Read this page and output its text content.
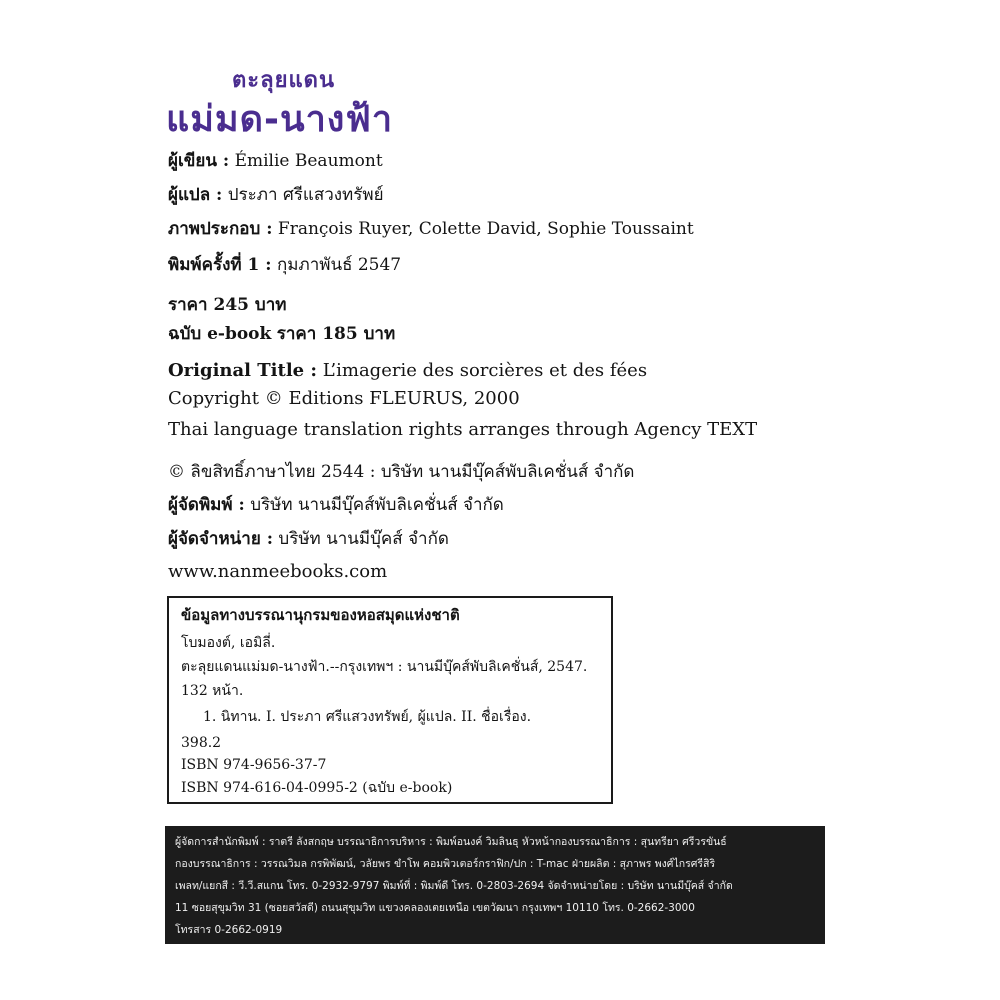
ตะลุยแดน
แม่มด-นางฟ้า
ผู้เขียน : Émilie Beaumont
ผู้แปล : ประภา ศรีแสวงทรัพย์
ภาพประกอบ : François Ruyer, Colette David, Sophie Toussaint
พิมพ์ครั้งที่ 1 : กุมภาพันธ์ 2547
ราคา 245 บาท
ฉบับ e-book ราคา 185 บาท
Original Title : L’imagerie des sorcières et des fées
Copyright © Editions FLEURUS, 2000
Thai language translation rights arranges through Agency TEXT
© ลิขสิทธิ์ภาษาไทย 2544 : บริษัท นานมีบุ๊คส์พับลิเคชั่นส์ จำกัด
ผู้จัดพิมพ์ : บริษัท นานมีบุ๊คส์พับลิเคชั่นส์ จำกัด
ผู้จัดจำหน่าย : บริษัท นานมีบุ๊คส์ จำกัด
www.nanmeebooks.com
ข้อมูลทางบรรณานุกรมของหอสมุดแห่งชาติ
โบมองต์, เอมิลี่.
ตะลุยแดนแม่มด-นางฟ้า.--กรุงเทพฯ : นานมีบุ๊คส์พับลิเคชั่นส์, 2547.
132 หน้า.
1. นิทาน. I. ประภา ศรีแสวงทรัพย์, ผู้แปล. II. ชื่อเรื่อง.
398.2
ISBN 974-9656-37-7
ISBN 974-616-04-0995-2 (ฉบับ e-book)
ผู้จัดการสำนักพิมพ์ : ราตรี ลังสกฤษ บรรณาธิการบริหาร : พิมพ์อนงค์ วิมลินธุ หัวหน้ากองบรรณาธิการ : สุนทรียา ศรีวรขันธ์
กองบรรณาธิการ : วรรณวิมล กรพิพัฒน์, วลัยพร ขำโพ คอมพิวเตอร์กราฟิก/ปก : T-mac ฝ่ายผลิต : สุภาพร พงศ์ไกรศรีสิริ
เพลท/แยกสี : วี.วี.สแกน โทร. 0-2932-9797 พิมพ์ที่ : พิมพ์ดี โทร. 0-2803-2694 จัดจำหน่ายโดย : บริษัท นานมีบุ๊คส์ จำกัด
11 ซอยสุขุมวิท 31 (ซอยสวัสดี) ถนนสุขุมวิท แขวงคลองเตยเหนือ เขตวัฒนา กรุงเทพฯ 10110 โทร. 0-2662-3000
โทรสาร 0-2662-0919
